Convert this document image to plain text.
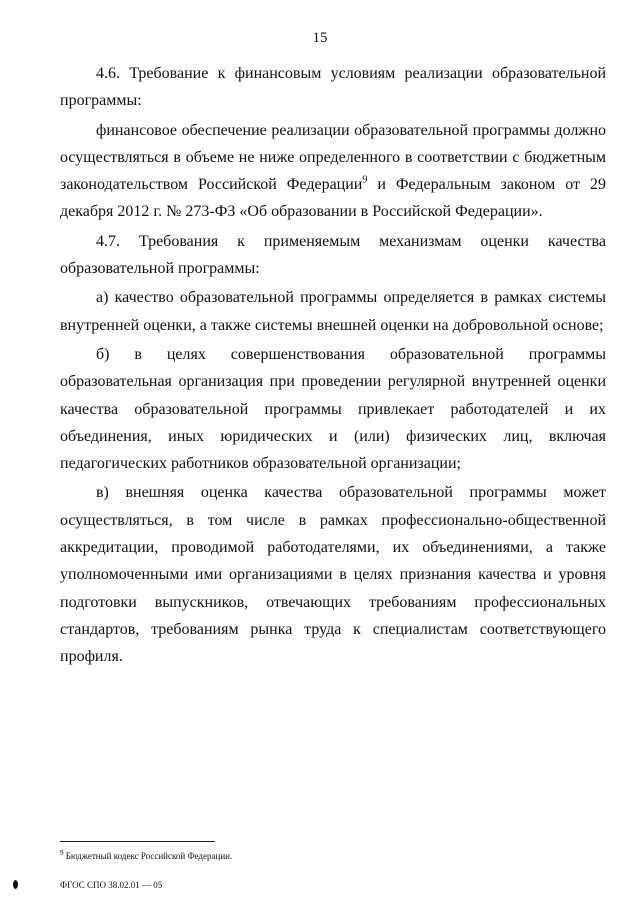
15

4.6. Требование к финансовым условиям реализации образовательной программы:

финансовое обеспечение реализации образовательной программы должно осуществляться в объеме не ниже определенного в соответствии с бюджетным законодательством Российской Федерации$^9$ и Федеральным законом от 29 декабря 2012 г. № 273-ФЗ «Об образовании в Российской Федерации».

4.7. Требования к применяемым механизмам оценки качества образовательной программы:

а) качество образовательной программы определяется в рамках системы внутренней оценки, а также системы внешней оценки на добровольной основе;

б) в целях совершенствования образовательной программы образовательная организация при проведении регулярной внутренней оценки качества образовательной программы привлекает работодателей и их объединения, иных юридических и (или) физических лиц, включая педагогических работников образовательной организации;

в) внешняя оценка качества образовательной программы может осуществляться, в том числе в рамках профессионально-общественной аккредитации, проводимой работодателями, их объединениями, а также уполномоченными ими организациями в целях признания качества и уровня подготовки выпускников, отвечающих требованиям профессиональных стандартов, требованиям рынка труда к специалистам соответствующего профиля.

$^9$ Бюджетный кодекс Российской Федерации.
ФГОС СПО 38.02.01 — 05
